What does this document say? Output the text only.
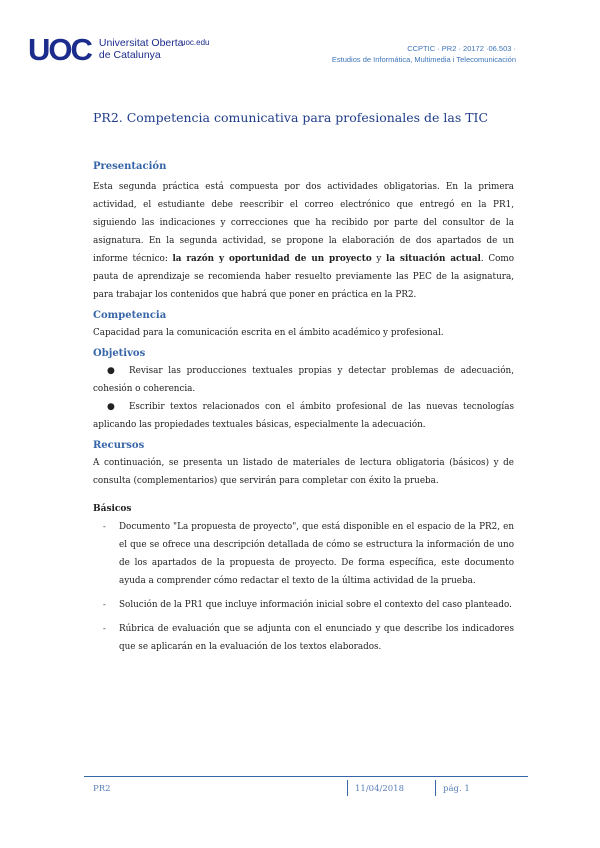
UOC Universitat Oberta
de Catalunya
uoc.edu
CCPTIC · PR2 · 20172 ·06.503 ·
Estudios de Informática, Multimedia i Telecomunicación
PR2. Competencia comunicativa para profesionales de las TIC
Presentación

Esta segunda práctica está compuesta por dos actividades obligatorias. En la primera actividad, el estudiante debe reescribir el correo electrónico que entregó en la PR1, siguiendo las indicaciones y correcciones que ha recibido por parte del consultor de la asignatura. En la segunda actividad, se propone la elaboración de dos apartados de un informe técnico: la razón y oportunidad de un proyecto y la situación actual. Como pauta de aprendizaje se recomienda haber resuelto previamente las PEC de la asignatura, para trabajar los contenidos que habrá que poner en práctica en la PR2.

Competencia

Capacidad para la comunicación escrita en el ámbito académico y profesional.

Objetivos
● Revisar las producciones textuales propias y detectar problemas de adecuación, cohesión o coherencia.
● Escribir textos relacionados con el ámbito profesional de las nuevas tecnologías aplicando las propiedades textuales básicas, especialmente la adecuación.
Recursos

A continuación, se presenta un listado de materiales de lectura obligatoria (básicos) y de consulta (complementarios) que servirán para completar con éxito la prueba.

Básicos
- Documento "La propuesta de proyecto", que está disponible en el espacio de la PR2, en el que se ofrece una descripción detallada de cómo se estructura la información de uno de los apartados de la propuesta de proyecto. De forma específica, este documento ayuda a comprender cómo redactar el texto de la última actividad de la prueba.
- Solución de la PR1 que incluye información inicial sobre el contexto del caso planteado.
- Rúbrica de evaluación que se adjunta con el enunciado y que describe los indicadores que se aplicarán en la evaluación de los textos elaborados.
PR2	11/04/2018	pág. 1
